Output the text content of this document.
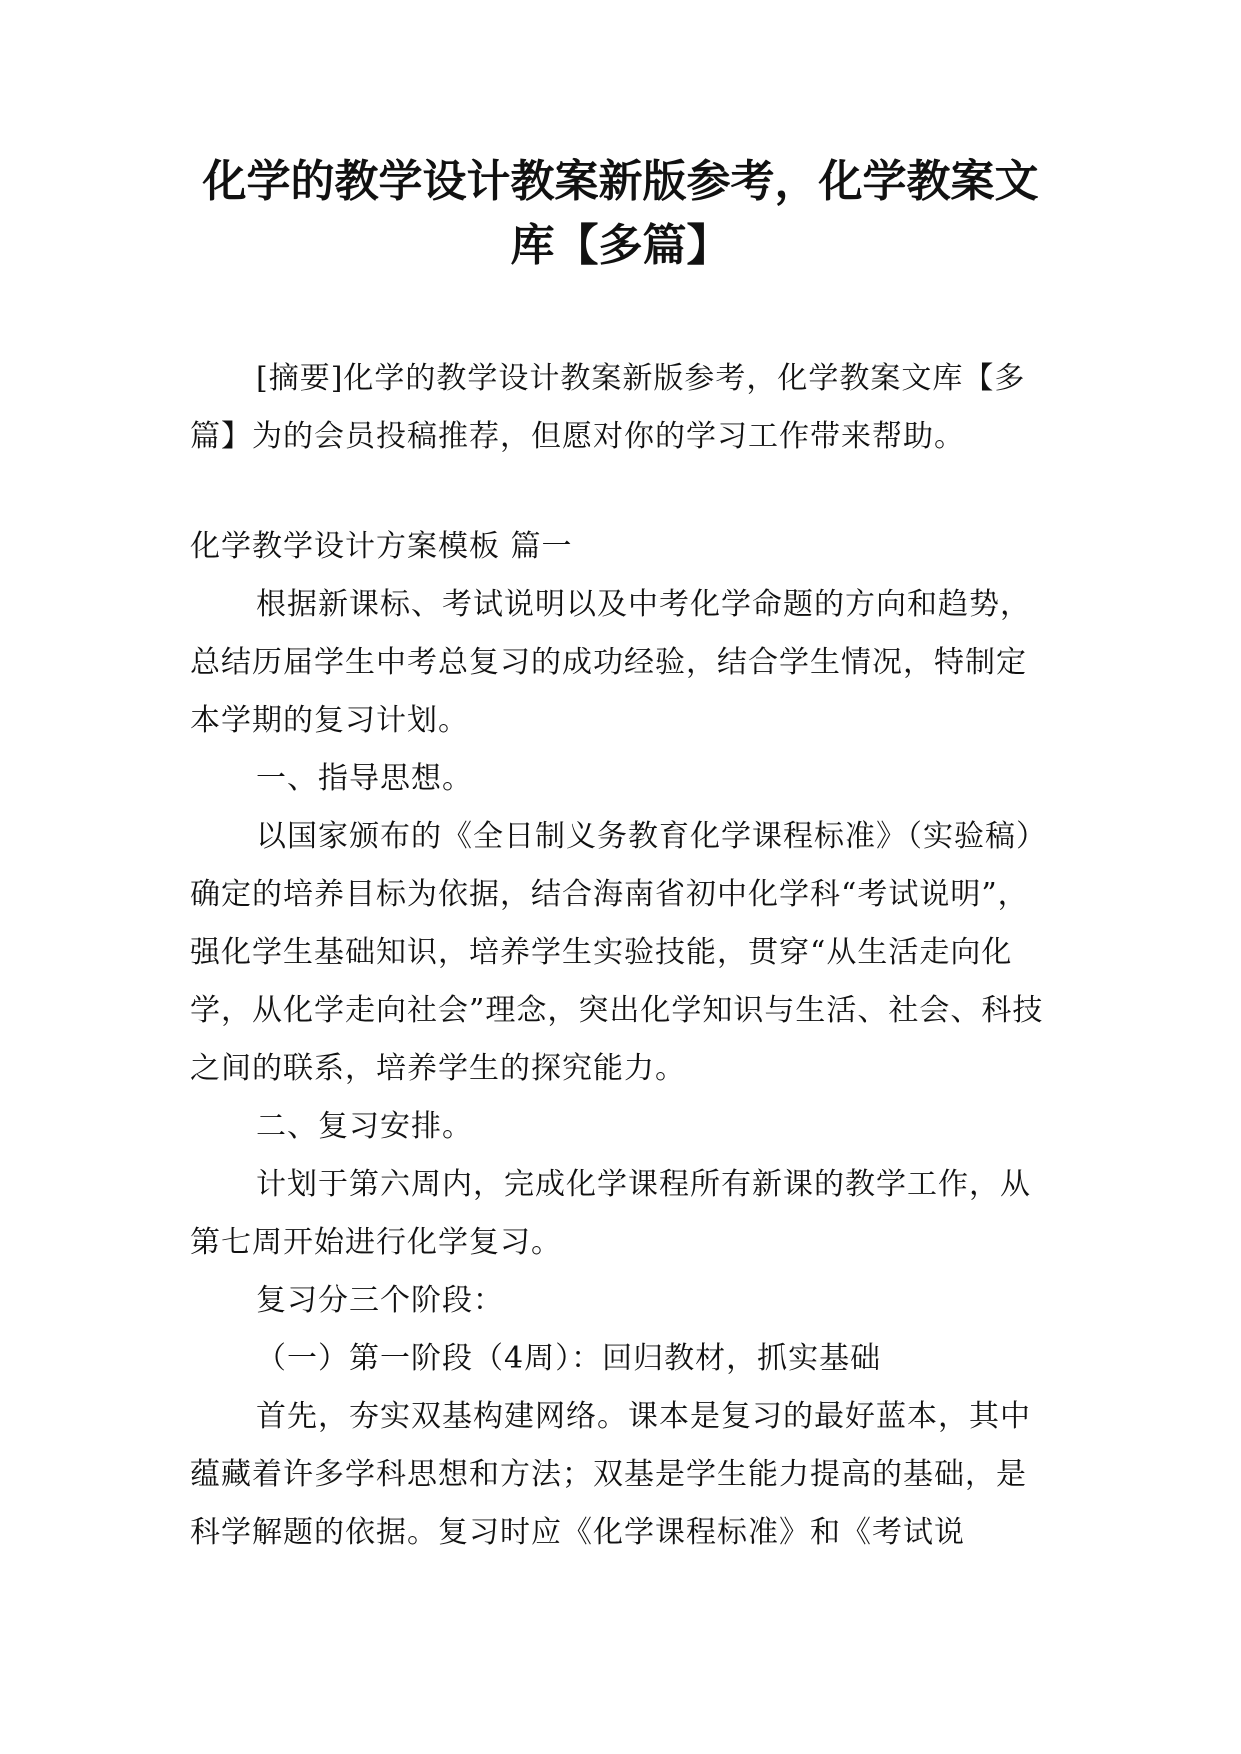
化学的教学设计教案新版参考，化学教案文
库【多篇】

[摘要]化学的教学设计教案新版参考，化学教案文库【多篇】为的会员投稿推荐，但愿对你的学习工作带来帮助。

化学教学设计方案模板 篇一

根据新课标、考试说明以及中考化学命题的方向和趋势，总结历届学生中考总复习的成功经验，结合学生情况，特制定本学期的复习计划。

一、指导思想。

以国家颁布的《全日制义务教育化学课程标准》（实验稿）确定的培养目标为依据，结合海南省初中化学科“考试说明”，强化学生基础知识，培养学生实验技能，贯穿“从生活走向化学，从化学走向社会”理念，突出化学知识与生活、社会、科技之间的联系，培养学生的探究能力。

二、复习安排。

计划于第六周内，完成化学课程所有新课的教学工作，从第七周开始进行化学复习。

复习分三个阶段：

（一）第一阶段（4周）：回归教材，抓实基础

首先，夯实双基构建网络。课本是复习的最好蓝本，其中蕴藏着许多学科思想和方法；双基是学生能力提高的基础，是科学解题的依据。复习时应《化学课程标准》和《考试说
